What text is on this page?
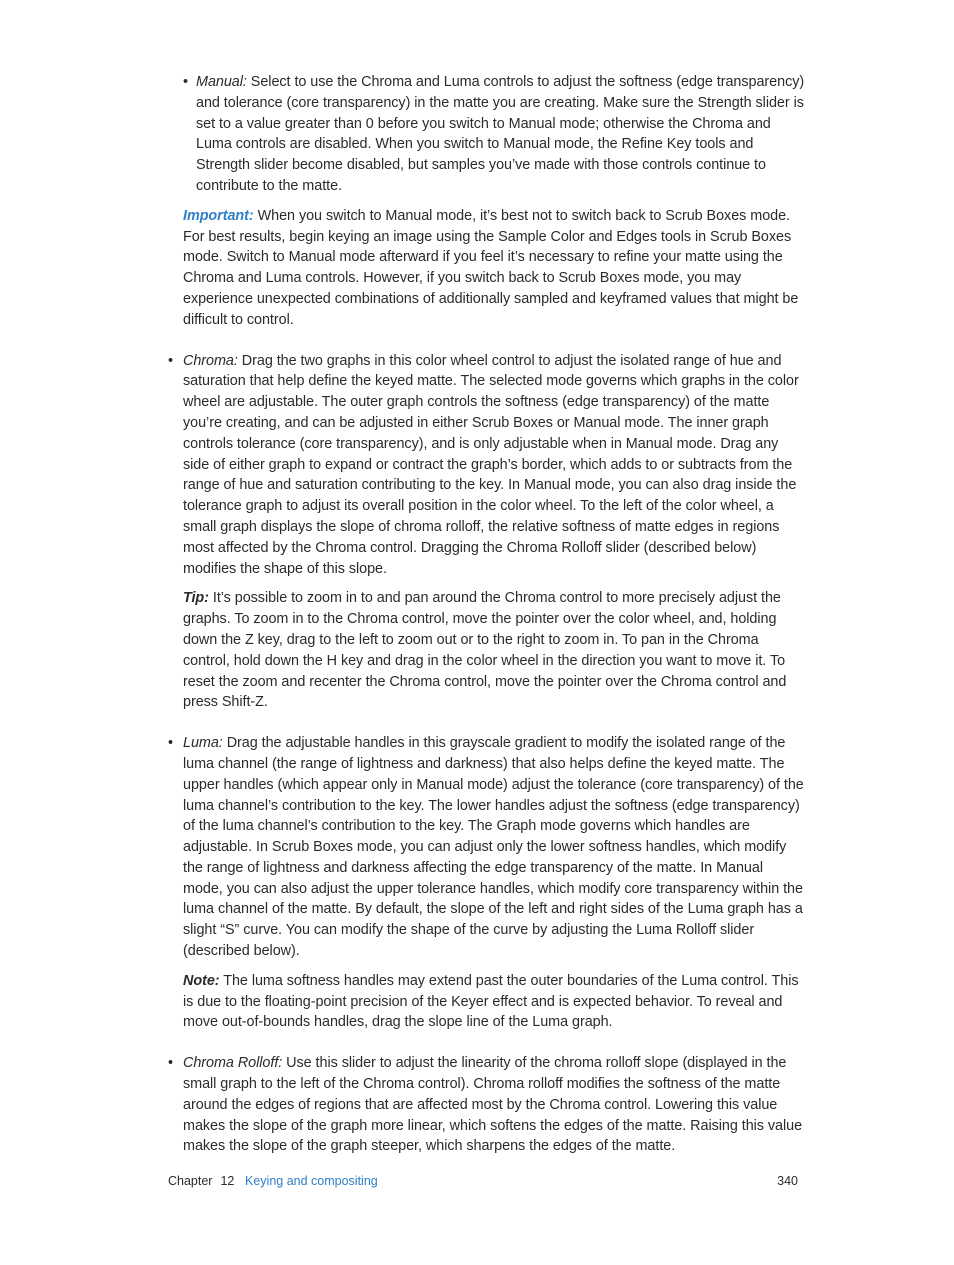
• Manual: Select to use the Chroma and Luma controls to adjust the softness (edge transparency) and tolerance (core transparency) in the matte you are creating. Make sure the Strength slider is set to a value greater than 0 before you switch to Manual mode; otherwise the Chroma and Luma controls are disabled. When you switch to Manual mode, the Refine Key tools and Strength slider become disabled, but samples you’ve made with those controls continue to contribute to the matte.

Important: When you switch to Manual mode, it’s best not to switch back to Scrub Boxes mode. For best results, begin keying an image using the Sample Color and Edges tools in Scrub Boxes mode. Switch to Manual mode afterward if you feel it’s necessary to refine your matte using the Chroma and Luma controls. However, if you switch back to Scrub Boxes mode, you may experience unexpected combinations of additionally sampled and keyframed values that might be difficult to control.

• Chroma: Drag the two graphs in this color wheel control to adjust the isolated range of hue and saturation that help define the keyed matte. The selected mode governs which graphs in the color wheel are adjustable. The outer graph controls the softness (edge transparency) of the matte you’re creating, and can be adjusted in either Scrub Boxes or Manual mode. The inner graph controls tolerance (core transparency), and is only adjustable when in Manual mode. Drag any side of either graph to expand or contract the graph’s border, which adds to or subtracts from the range of hue and saturation contributing to the key. In Manual mode, you can also drag inside the tolerance graph to adjust its overall position in the color wheel. To the left of the color wheel, a small graph displays the slope of chroma rolloff, the relative softness of matte edges in regions most affected by the Chroma control. Dragging the Chroma Rolloff slider (described below) modifies the shape of this slope.

Tip: It’s possible to zoom in to and pan around the Chroma control to more precisely adjust the graphs. To zoom in to the Chroma control, move the pointer over the color wheel, and, holding down the Z key, drag to the left to zoom out or to the right to zoom in. To pan in the Chroma control, hold down the H key and drag in the color wheel in the direction you want to move it. To reset the zoom and recenter the Chroma control, move the pointer over the Chroma control and press Shift-Z.

• Luma: Drag the adjustable handles in this grayscale gradient to modify the isolated range of the luma channel (the range of lightness and darkness) that also helps define the keyed matte. The upper handles (which appear only in Manual mode) adjust the tolerance (core transparency) of the luma channel’s contribution to the key. The lower handles adjust the softness (edge transparency) of the luma channel’s contribution to the key. The Graph mode governs which handles are adjustable. In Scrub Boxes mode, you can adjust only the lower softness handles, which modify the range of lightness and darkness affecting the edge transparency of the matte. In Manual mode, you can also adjust the upper tolerance handles, which modify core transparency within the luma channel of the matte. By default, the slope of the left and right sides of the Luma graph has a slight “S” curve. You can modify the shape of the curve by adjusting the Luma Rolloff slider (described below).

Note: The luma softness handles may extend past the outer boundaries of the Luma control. This is due to the floating-point precision of the Keyer effect and is expected behavior. To reveal and move out-of-bounds handles, drag the slope line of the Luma graph.

• Chroma Rolloff: Use this slider to adjust the linearity of the chroma rolloff slope (displayed in the small graph to the left of the Chroma control). Chroma rolloff modifies the softness of the matte around the edges of regions that are affected most by the Chroma control. Lowering this value makes the slope of the graph more linear, which softens the edges of the matte. Raising this value makes the slope of the graph steeper, which sharpens the edges of the matte.

Chapter 12 Keying and compositing	340
